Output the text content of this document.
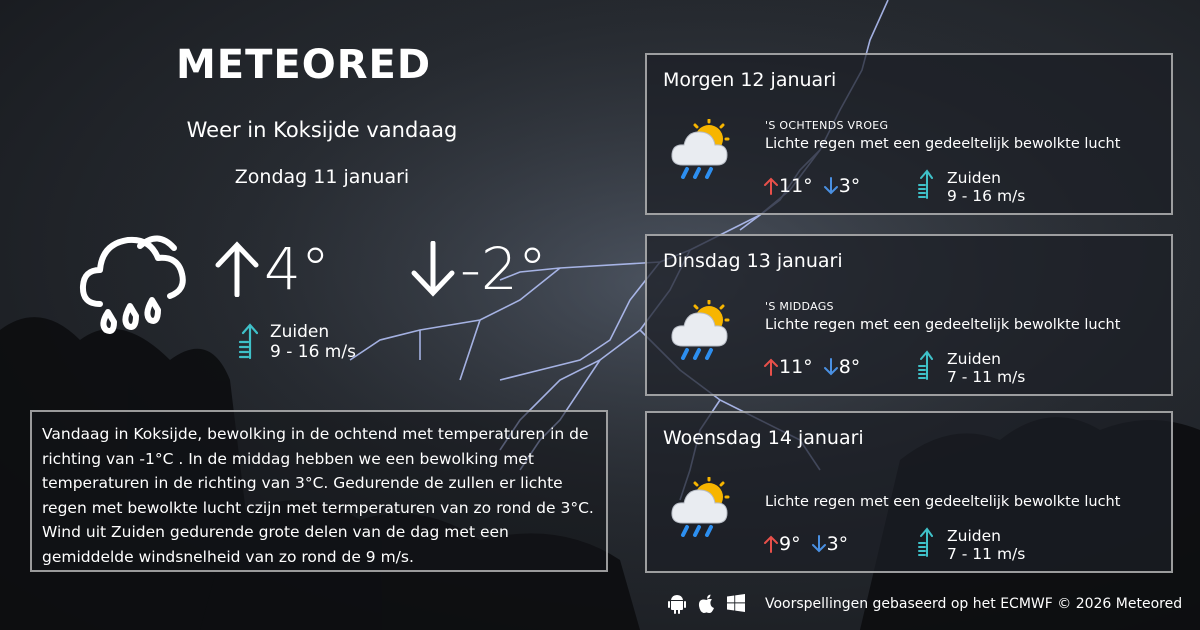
METEORED
Weer in Koksijde vandaag
Zondag 11 januari
4° -2°
Zuiden
9 - 16 m/s
Vandaag in Koksijde, bewolking in de ochtend met temperaturen in de richting van -1°C . In de middag hebben we een bewolking met temperaturen in de richting van 3°C. Gedurende de zullen er lichte regen met bewolkte lucht czijn met termperaturen van zo rond de 3°C. Wind uit Zuiden gedurende grote delen van de dag met een gemiddelde windsnelheid van zo rond de 9 m/s.
Morgen 12 januari
'S OCHTENDS VROEG
Lichte regen met een gedeeltelijk bewolkte lucht
11° 3°	Zuiden
9 - 16 m/s
Dinsdag 13 januari
'S MIDDAGS
Lichte regen met een gedeeltelijk bewolkte lucht
11° 8°	Zuiden
7 - 11 m/s
Woensdag 14 januari
Lichte regen met een gedeeltelijk bewolkte lucht
9° 3°	Zuiden
7 - 11 m/s
Voorspellingen gebaseerd op het ECMWF © 2026 Meteored
